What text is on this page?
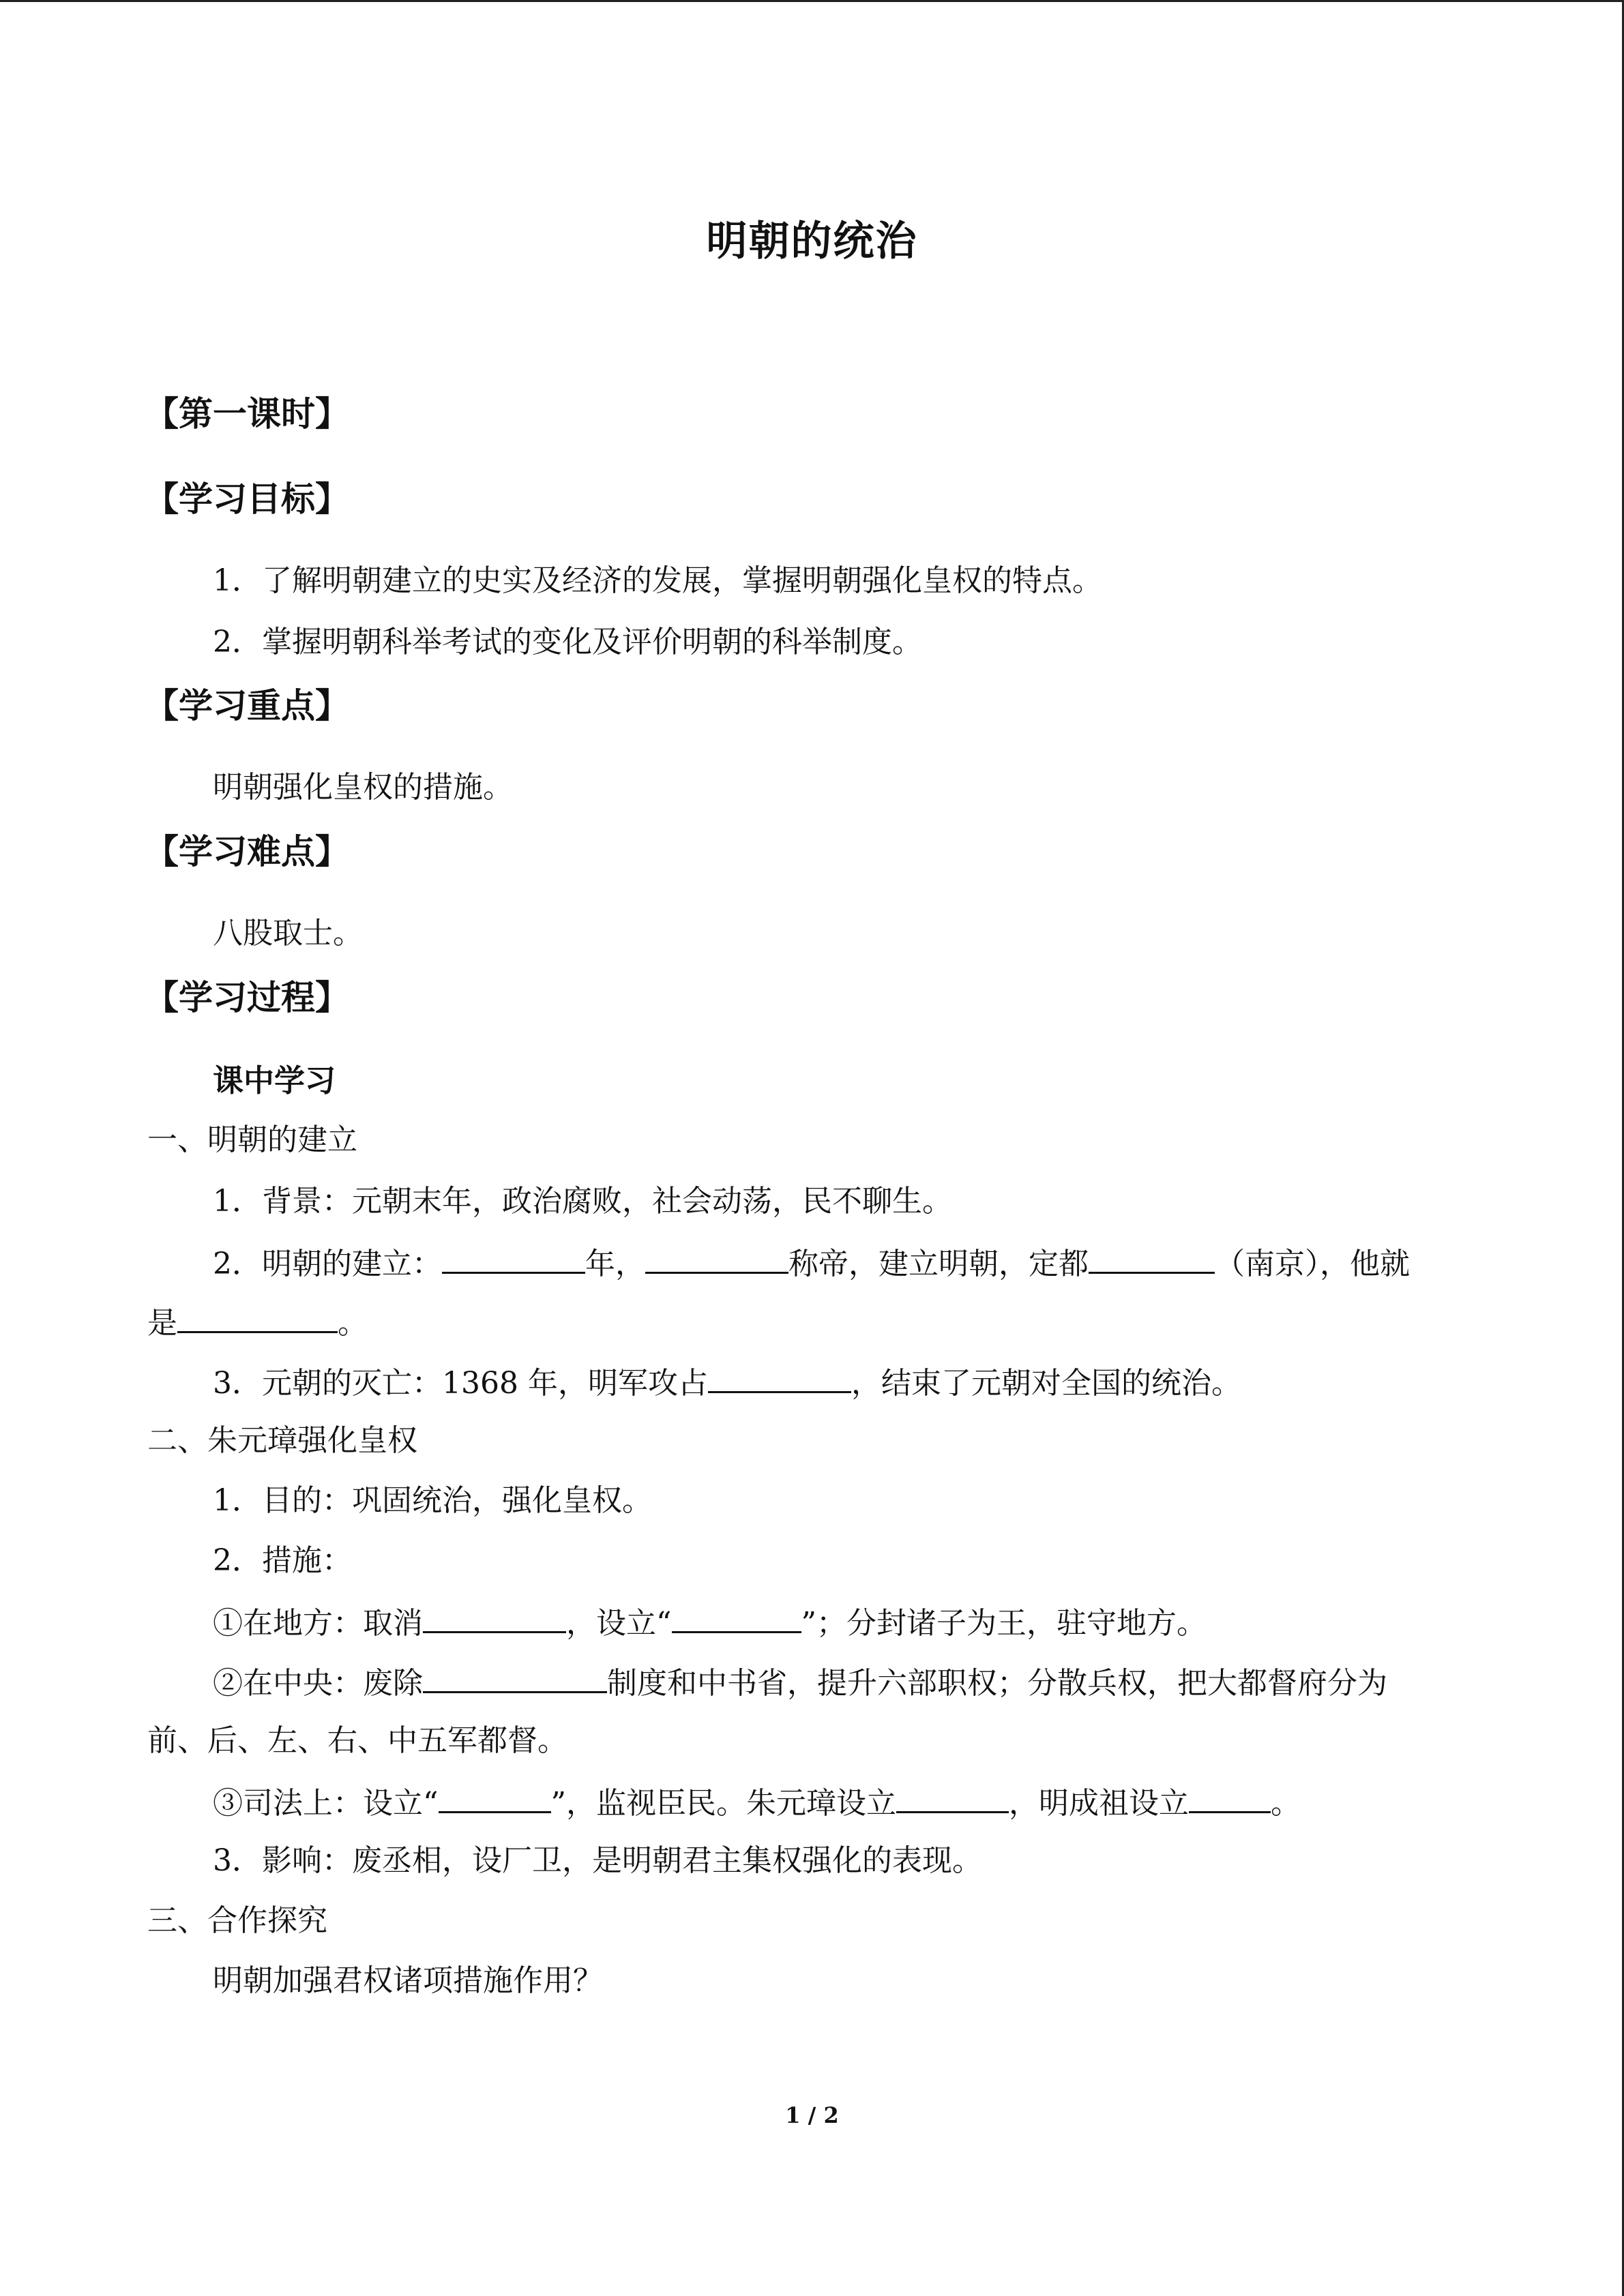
明朝的统治
【第一课时】
【学习目标】
1．了解明朝建立的史实及经济的发展，掌握明朝强化皇权的特点。
2．掌握明朝科举考试的变化及评价明朝的科举制度。
【学习重点】
明朝强化皇权的措施。
【学习难点】
八股取士。
【学习过程】
课中学习
一、明朝的建立
1．背景：元朝末年，政治腐败，社会动荡，民不聊生。
2．明朝的建立：	年，	称帝，建立明朝，定都	（南京），他就
是	。
3．元朝的灭亡：1368 年，明军攻占	，结束了元朝对全国的统治。
二、朱元璋强化皇权
1．目的：巩固统治，强化皇权。
2．措施：
①在地方：取消	，设立“	”；分封诸子为王，驻守地方。
②在中央：废除	制度和中书省，提升六部职权；分散兵权，把大都督府分为
前、后、左、右、中五军都督。
③司法上：设立“	”，监视臣民。朱元璋设立	，明成祖设立	。
3．影响：废丞相，设厂卫，是明朝君主集权强化的表现。
三、合作探究
明朝加强君权诸项措施作用？
1 / 2
